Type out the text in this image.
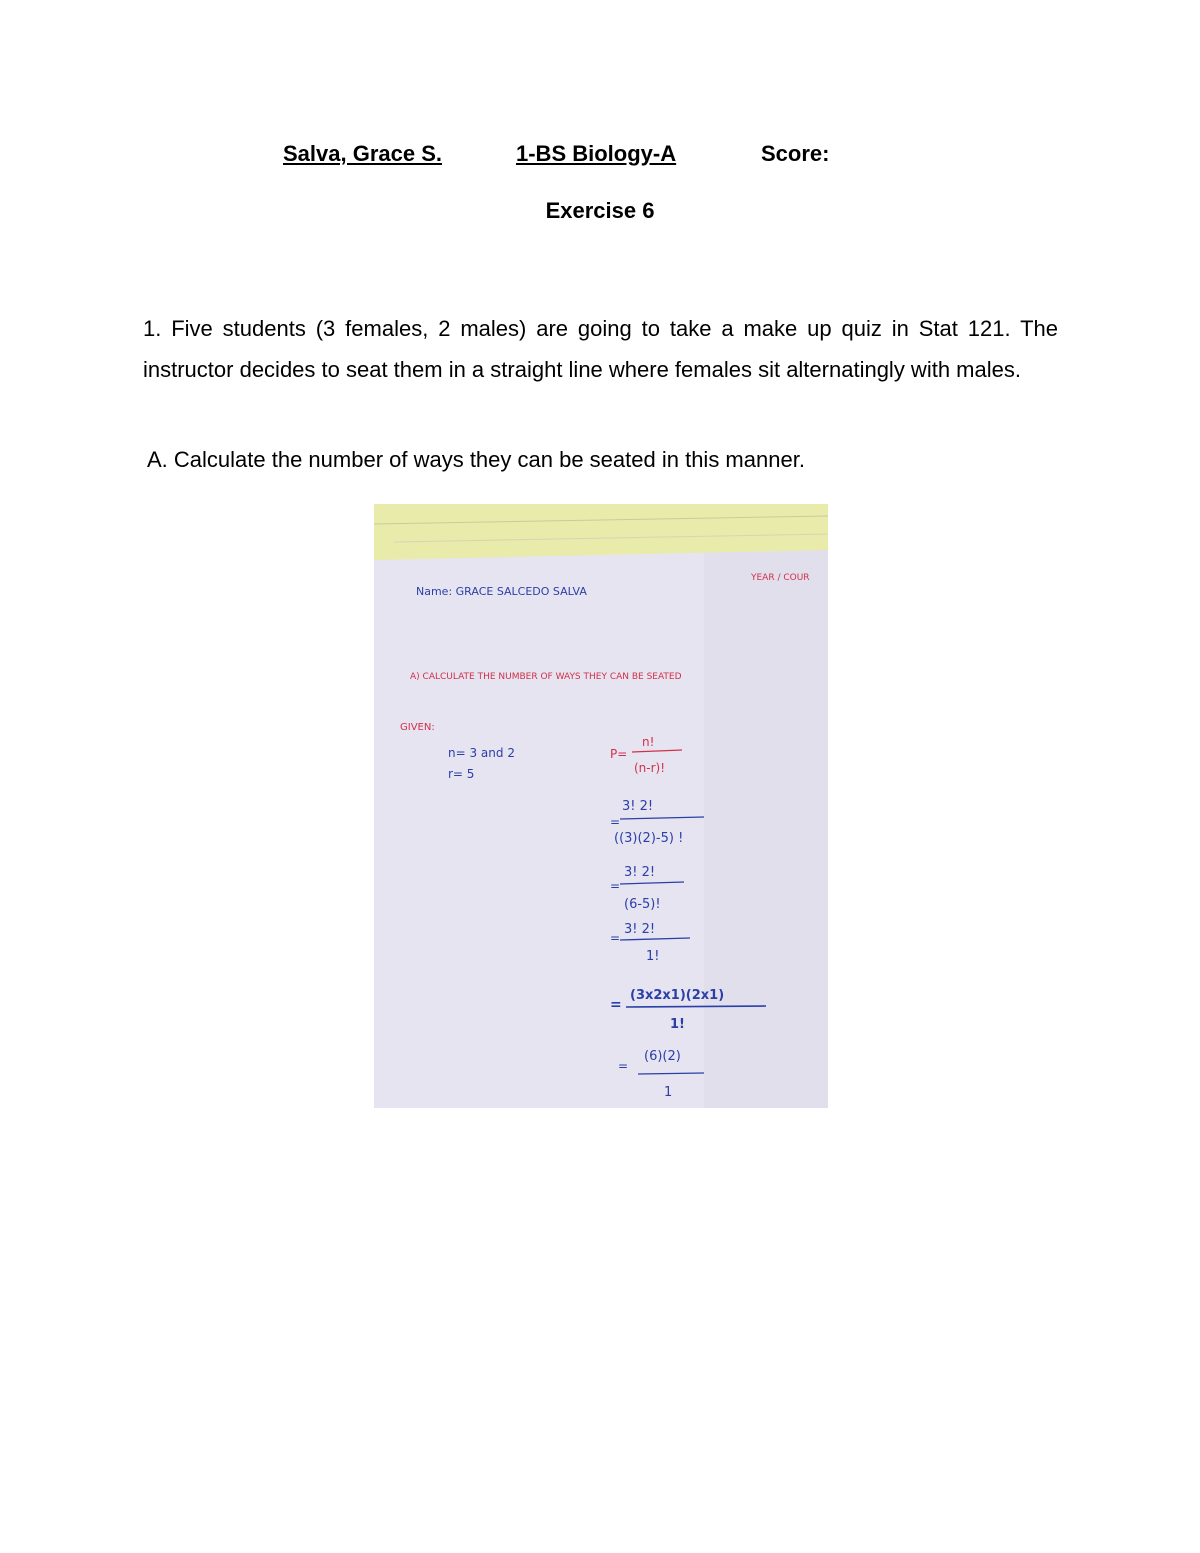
Salva, Grace S.	1-BS Biology-A	Score:
Exercise 6
1. Five students (3 females, 2 males) are going to take a make up quiz in Stat 121. The instructor decides to seat them in a straight line where females sit alternatingly with males.
A. Calculate the number of ways they can be seated in this manner.
Name: GRACE SALCEDO SALVA
YEAR / COUR
A) CALCULATE THE NUMBER OF WAYS THEY CAN BE SEATED
GIVEN:
n= 3 and 2
r= 5
P=
n!
(n-r)!
=
3! 2!
((3)(2)-5) !
=
3! 2!
(6-5)!
=
3! 2!
1!
=
(3x2x1)(2x1)
1!
=
(6)(2)
1
